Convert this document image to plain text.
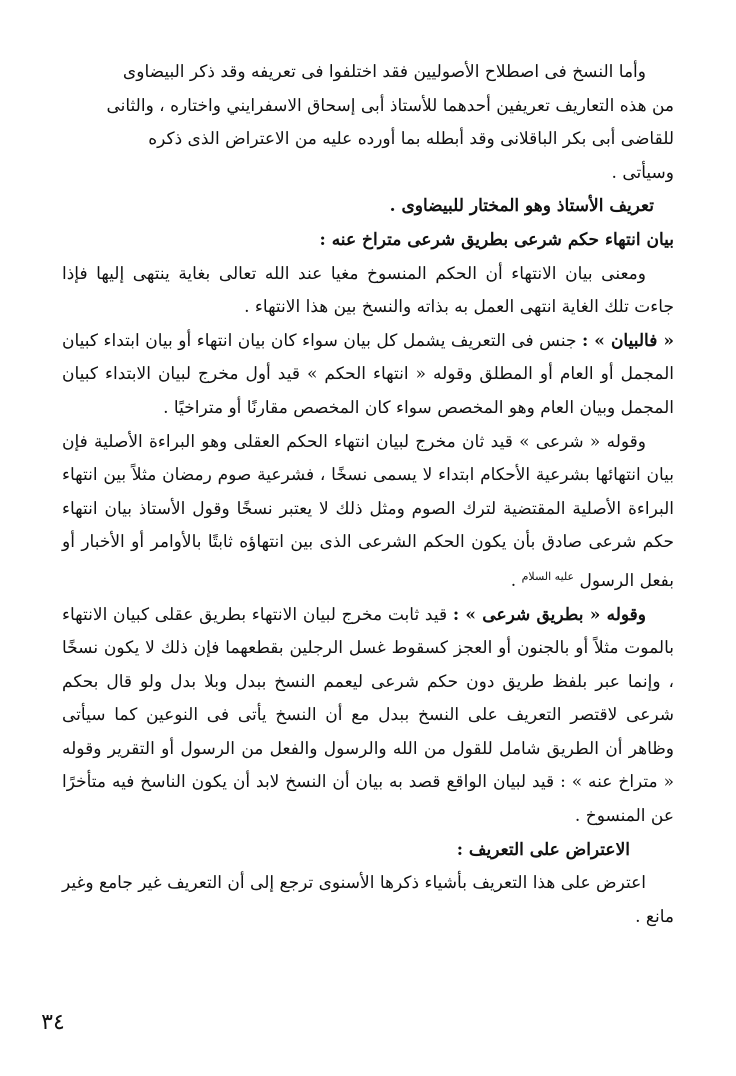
وأما النسخ فى اصطلاح الأصوليين فقد اختلفوا فى تعريفه وقد ذكر البيضاوى

من هذه التعاريف تعريفين أحدهما للأستاذ أبى إسحاق الاسفرايني واختاره ، والثانى

للقاضى أبى بكر الباقلانى وقد أبطله بما أورده عليه من الاعتراض الذى ذكره

وسيأتى .

تعريف الأستاذ وهو المختار للبيضاوى .

بيان انتهاء حكم شرعى بطريق شرعى متراخ عنه :

ومعنى بيان الانتهاء أن الحكم المنسوخ مغيا عند الله تعالى بغاية ينتهى إليها فإذا جاءت تلك الغاية انتهى العمل به بذاته والنسخ بين هذا الانتهاء .

« فالبيان » : جنس فى التعريف يشمل كل بيان سواء كان بيان انتهاء أو بيان ابتداء كبيان المجمل أو العام أو المطلق وقوله « انتهاء الحكم » قيد أول مخرج لبيان الابتداء كبيان المجمل وبيان العام وهو المخصص سواء كان المخصص مقارنًا أو متراخيًا .

وقوله « شرعى » قيد ثان مخرج لبيان انتهاء الحكم العقلى وهو البراءة الأصلية فإن بيان انتهائها بشرعية الأحكام ابتداء لا يسمى نسخًا ، فشرعية صوم رمضان مثلاً بين انتهاء البراءة الأصلية المقتضية لترك الصوم ومثل ذلك لا يعتبر نسخًا وقول الأستاذ بيان انتهاء حكم شرعى صادق بأن يكون الحكم الشرعى الذى بين انتهاؤه ثابتًا بالأوامر أو الأخبار أو بفعل الرسول $^{عليه السلام}$ .

وقوله « بطريق شرعى » : قيد ثابت مخرج لبيان الانتهاء بطريق عقلى كبيان الانتهاء بالموت مثلاً أو بالجنون أو العجز كسقوط غسل الرجلين بقطعهما فإن ذلك لا يكون نسخًا ، وإنما عبر بلفظ طريق دون حكم شرعى ليعمم النسخ ببدل وبلا بدل ولو قال بحكم شرعى لاقتصر التعريف على النسخ ببدل مع أن النسخ يأتى فى النوعين كما سيأتى وظاهر أن الطريق شامل للقول من الله والرسول والفعل من الرسول أو التقرير وقوله « متراخ عنه » : قيد لبيان الواقع قصد به بيان أن النسخ لابد أن يكون الناسخ فيه متأخرًا عن المنسوخ .

الاعتراض على التعريف :

اعترض على هذا التعريف بأشياء ذكرها الأسنوى ترجع إلى أن التعريف غير جامع وغير مانع .

٣٤
